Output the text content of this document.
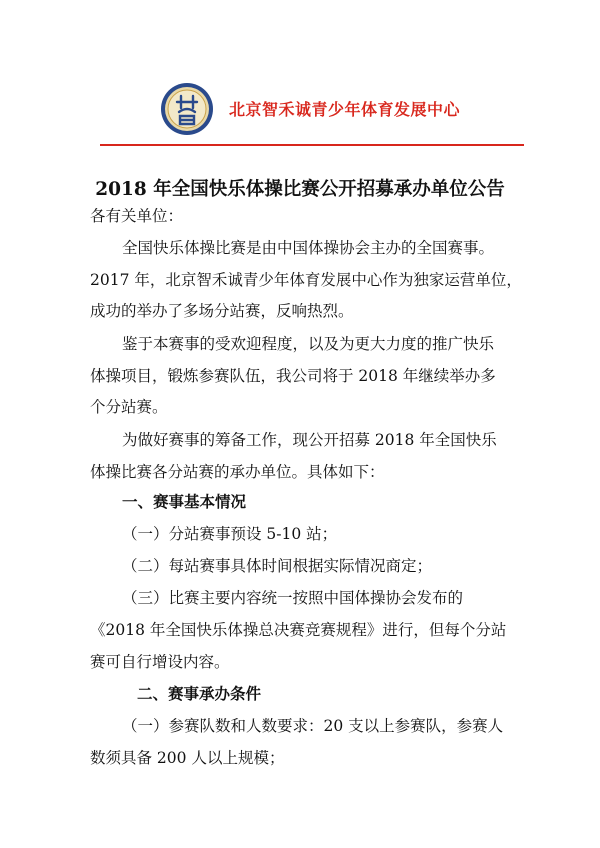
北京智禾诚青少年体育发展中心
2018 年全国快乐体操比赛公开招募承办单位公告
各有关单位：
全国快乐体操比赛是由中国体操协会主办的全国赛事。
2017 年，北京智禾诚青少年体育发展中心作为独家运营单位，
成功的举办了多场分站赛，反响热烈。
鉴于本赛事的受欢迎程度，以及为更大力度的推广快乐
体操项目，锻炼参赛队伍，我公司将于 2018 年继续举办多
个分站赛。
为做好赛事的筹备工作，现公开招募 2018 年全国快乐
体操比赛各分站赛的承办单位。具体如下：
一、赛事基本情况
（一）分站赛事预设 5-10 站；
（二）每站赛事具体时间根据实际情况商定；
（三）比赛主要内容统一按照中国体操协会发布的
《2018 年全国快乐体操总决赛竞赛规程》进行，但每个分站
赛可自行增设内容。
二、赛事承办条件
（一）参赛队数和人数要求：20 支以上参赛队，参赛人
数须具备 200 人以上规模；
